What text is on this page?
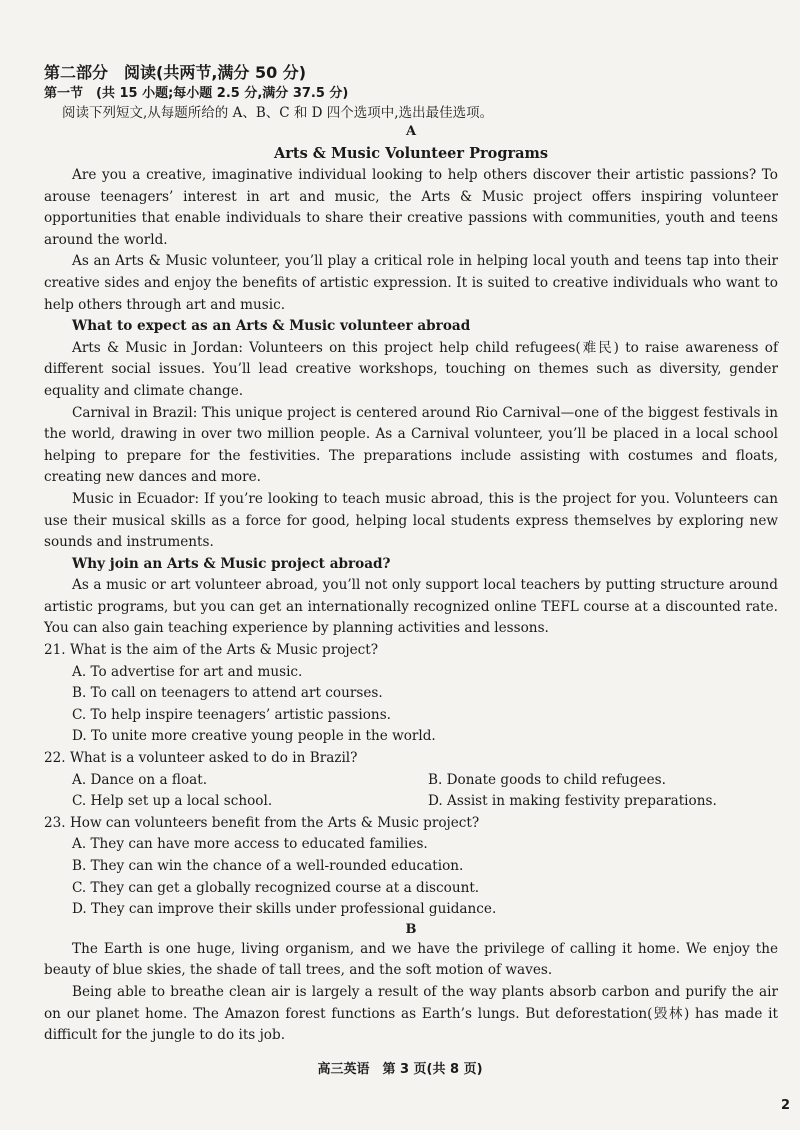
第二部分　阅读(共两节,满分 50 分)
第一节　(共 15 小题;每小题 2.5 分,满分 37.5 分)
阅读下列短文,从每题所给的 A、B、C 和 D 四个选项中,选出最佳选项。
A
Arts & Music Volunteer Programs

Are you a creative, imaginative individual looking to help others discover their artistic passions? To arouse teenagers’ interest in art and music, the Arts & Music project offers inspiring volunteer opportunities that enable individuals to share their creative passions with communities, youth and teens around the world.

As an Arts & Music volunteer, you’ll play a critical role in helping local youth and teens tap into their creative sides and enjoy the benefits of artistic expression. It is suited to creative individuals who want to help others through art and music.

What to expect as an Arts & Music volunteer abroad

Arts & Music in Jordan: Volunteers on this project help child refugees(难民) to raise awareness of different social issues. You’ll lead creative workshops, touching on themes such as diversity, gender equality and climate change.

Carnival in Brazil: This unique project is centered around Rio Carnival—one of the biggest festivals in the world, drawing in over two million people. As a Carnival volunteer, you’ll be placed in a local school helping to prepare for the festivities. The preparations include assisting with costumes and floats, creating new dances and more.

Music in Ecuador: If you’re looking to teach music abroad, this is the project for you. Volunteers can use their musical skills as a force for good, helping local students express themselves by exploring new sounds and instruments.

Why join an Arts & Music project abroad?

As a music or art volunteer abroad, you’ll not only support local teachers by putting structure around artistic programs, but you can get an internationally recognized online TEFL course at a discounted rate. You can also gain teaching experience by planning activities and lessons.

21. What is the aim of the Arts & Music project?
A. To advertise for art and music.
B. To call on teenagers to attend art courses.
C. To help inspire teenagers’ artistic passions.
D. To unite more creative young people in the world.
22. What is a volunteer asked to do in Brazil?
A. Dance on a float.	B. Donate goods to child refugees.
C. Help set up a local school.	D. Assist in making festivity preparations.
23. How can volunteers benefit from the Arts & Music project?
A. They can have more access to educated families.
B. They can win the chance of a well-rounded education.
C. They can get a globally recognized course at a discount.
D. They can improve their skills under professional guidance.
B

The Earth is one huge, living organism, and we have the privilege of calling it home. We enjoy the beauty of blue skies, the shade of tall trees, and the soft motion of waves.

Being able to breathe clean air is largely a result of the way plants absorb carbon and purify the air on our planet home. The Amazon forest functions as Earth’s lungs. But deforestation(毁林) has made it difficult for the jungle to do its job.

高三英语　第 3 页(共 8 页)
2
